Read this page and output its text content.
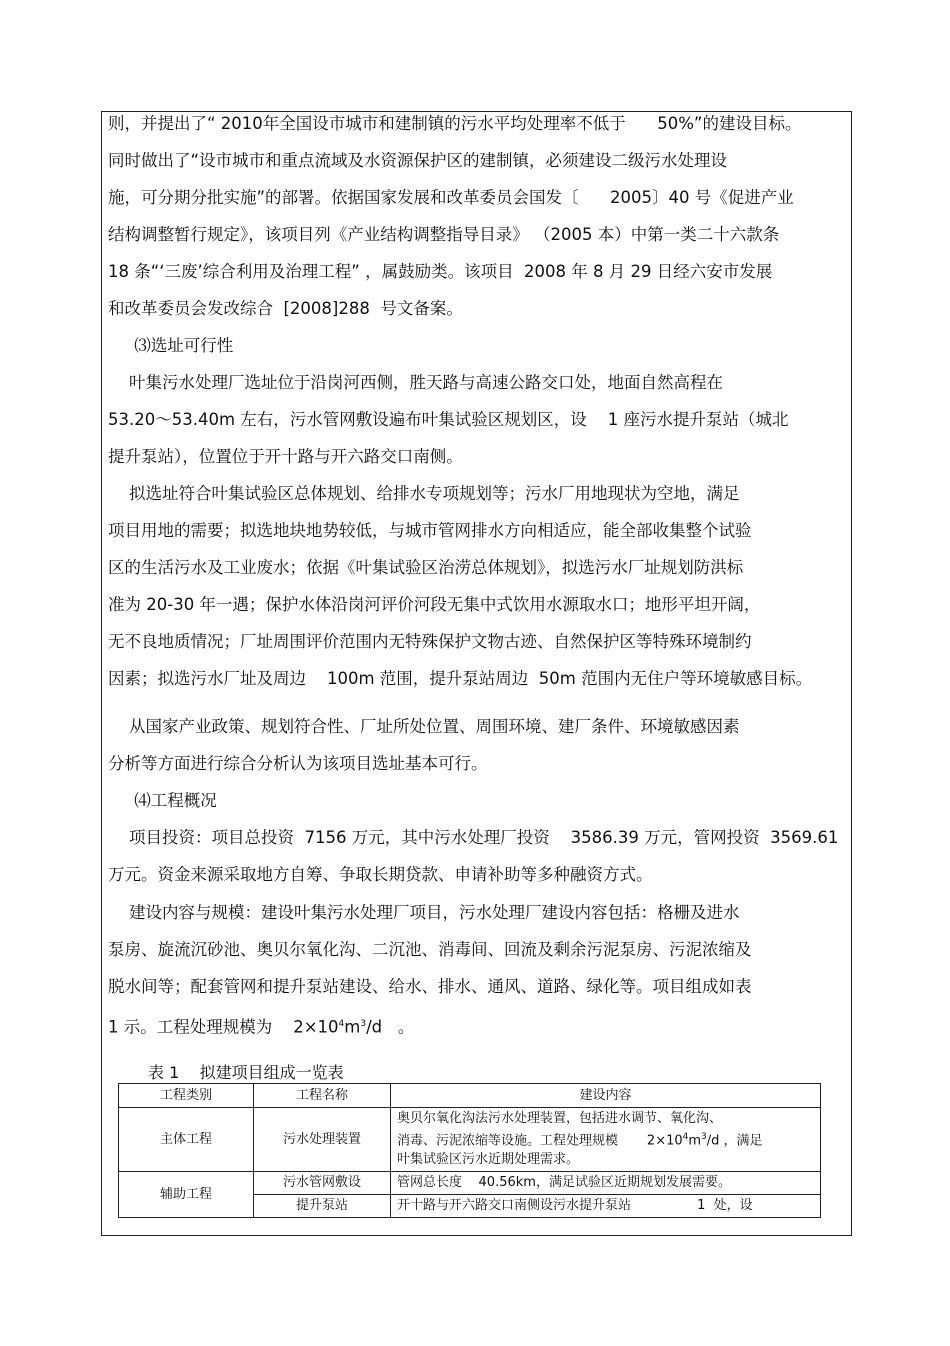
则，并提出了“ 2010年全国设市城市和建制镇的污水平均处理率不低于      50%”的建设目标。
同时做出了“设市城市和重点流域及水资源保护区的建制镇，必须建设二级污水处理设
施，可分期分批实施”的部署。依据国家发展和改革委员会国发〔      2005〕40 号《促进产业
结构调整暂行规定》，该项目列《产业结构调整指导目录》 （2005 本）中第一类二十六款条
18 条“‘三废’综合利用及治理工程” ，属鼓励类。该项目  2008 年 8 月 29 日经六安市发展
和改革委员会发改综合  [2008]288  号文备案。
⑶选址可行性
叶集污水处理厂选址位于沿岗河西侧，胜天路与高速公路交口处，地面自然高程在
53.20～53.40m 左右，污水管网敷设遍布叶集试验区规划区，设    1 座污水提升泵站（城北
提升泵站），位置位于开十路与开六路交口南侧。
拟选址符合叶集试验区总体规划、给排水专项规划等；污水厂用地现状为空地，满足
项目用地的需要；拟选地块地势较低，与城市管网排水方向相适应，能全部收集整个试验
区的生活污水及工业废水；依据《叶集试验区治涝总体规划》，拟选污水厂址规划防洪标
准为 20-30 年一遇；保护水体沿岗河评价河段无集中式饮用水源取水口；地形平坦开阔，
无不良地质情况；厂址周围评价范围内无特殊保护文物古迹、自然保护区等特殊环境制约
因素；拟选污水厂址及周边    100m 范围，提升泵站周边  50m 范围内无住户等环境敏感目标。
从国家产业政策、规划符合性、厂址所处位置、周围环境、建厂条件、环境敏感因素
分析等方面进行综合分析认为该项目选址基本可行。
⑷工程概况
项目投资：项目总投资  7156 万元，其中污水处理厂投资    3586.39 万元，管网投资  3569.61
万元。资金来源采取地方自筹、争取长期贷款、申请补助等多种融资方式。
建设内容与规模：建设叶集污水处理厂项目，污水处理厂建设内容包括：格栅及进水
泵房、旋流沉砂池、奥贝尔氧化沟、二沉池、消毒间、回流及剩余污泥泵房、污泥浓缩及
脱水间等；配套管网和提升泵站建设、给水、排水、通风、道路、绿化等。项目组成如表
1 示。工程处理规模为    $2\times 10^4m^3/d$   。
表 1    拟建项目组成一览表
工程类别	工程名称	建设内容
主体工程	污水处理装置	奥贝尔氧化沟法污水处理装置，包括进水调节、氧化沟、
消毒、污泥浓缩等设施。工程处理规模       $2\times 10^4m^3/d$ ，满足
叶集试验区污水近期处理需求。

辅助工程	污水管网敷设	管网总长度    40.56km，满足试验区近期规划发展需要。
	提升泵站	开十路与开六路交口南侧设污水提升泵站                1  处，设
